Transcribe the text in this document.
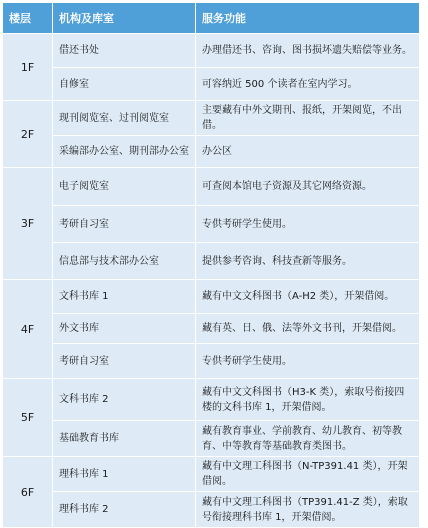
楼层	机构及库室	服务功能
1F	借还书处	办理借还书、咨询、图书损坏遗失赔偿等业务。
	自修室	可容纳近 500 个读者在室内学习。
2F	现刊阅览室、过刊阅览室	主要藏有中外文期刊、报纸，开架阅览，不出借。
	采编部办公室、期刊部办公室	办公区
3F	电子阅览室	可查阅本馆电子资源及其它网络资源。
	考研自习室	专供考研学生使用。
	信息部与技术部办公室	提供参考咨询、科技查新等服务。
4F	文科书库 1	藏有中文文科图书（A-H2 类），开架借阅。
	外文书库	藏有英、日、俄、法等外文书刊，开架借阅。
	考研自习室	专供考研学生使用。
5F	文科书库 2	藏有中文文科图书（H3-K 类），索取号衔接四楼的文科书库 1，开架借阅。
	基础教育书库	藏有教育事业、学前教育、幼儿教育、初等教育、中等教育等基础教育类图书。
6F	理科书库 1	藏有中文理工科图书（N-TP391.41 类），开架借阅。
	理科书库 2	藏有中文理工科图书（TP391.41-Z 类），索取号衔接理科书库 1，开架借阅。
